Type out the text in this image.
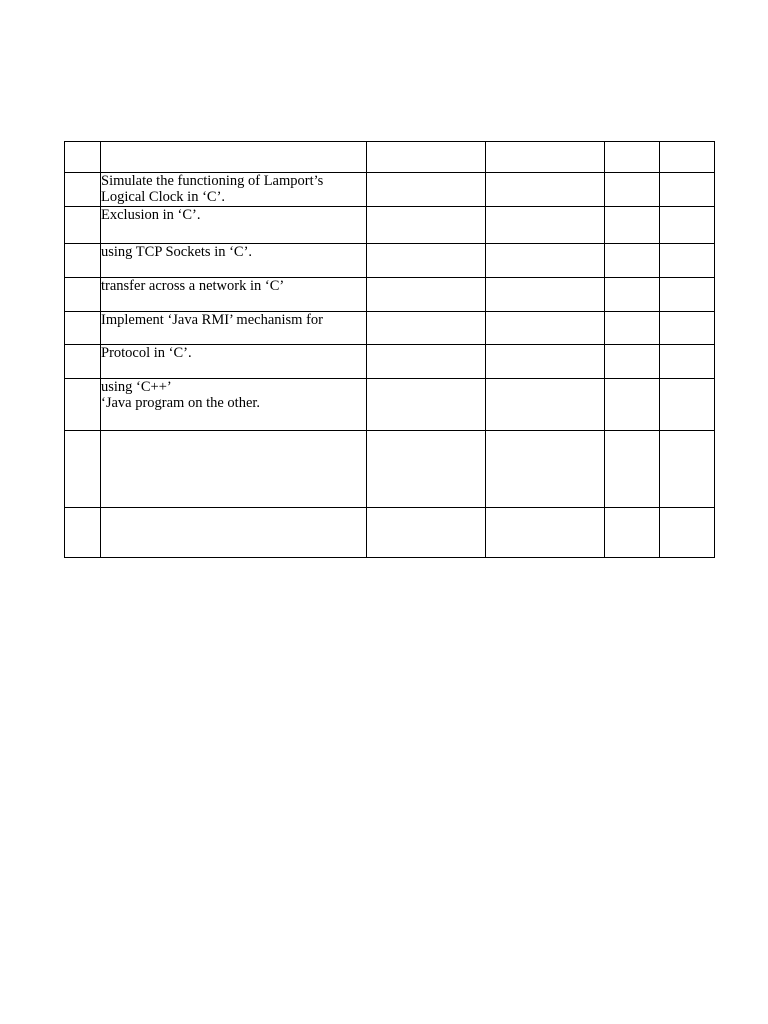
	Simulate the functioning of Lamport’s
Logical Clock in ‘C’.				

	Exclusion in ‘C’.				

	using TCP Sockets in ‘C’.				

	transfer across a network in ‘C’				

	Implement ‘Java RMI’ mechanism for				

	Protocol in ‘C’.				

	using ‘C++’
‘Java program on the other.				
